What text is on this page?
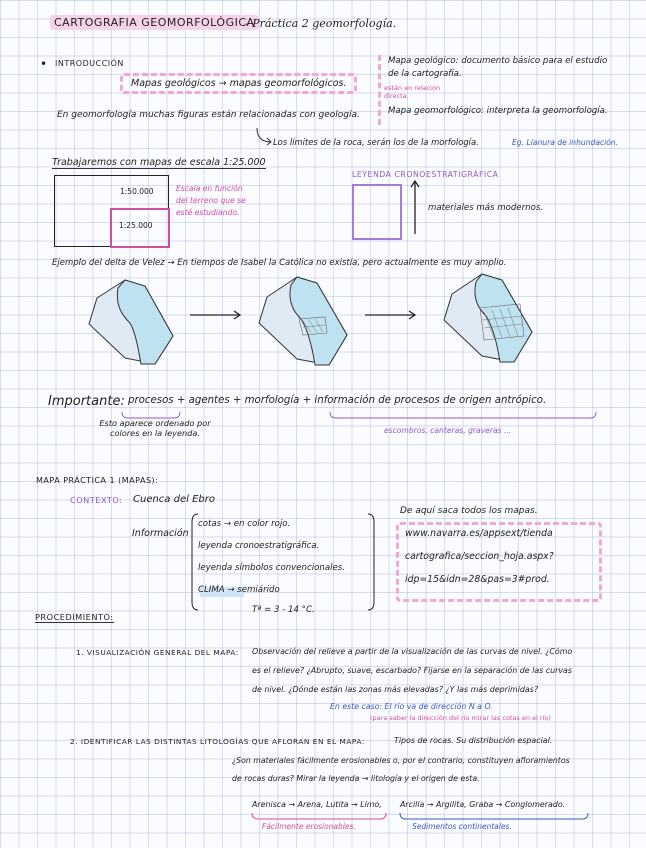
CARTOGRAFIA GEOMORFOLÓGICA
- Práctica 2 geomorfología.
• INTRODUCCIÓN
Mapas geológicos → mapas geomorfológicos.
En geomorfología muchas figuras están relacionadas con geología.
Mapa geológico: documento básico para el estudio de la cartografía.
están en relación directa.
Mapa geomorfológico: interpreta la geomorfología.
Los límites de la roca, serán los de la morfología.	Eg. Llanura de inhundación.
Trabajaremos con mapas de escala 1:25.000
1:50.000
1:25.000
Escala en función del terreno que se esté estudiando.
LEYENDA CRONOESTRATIGRÁFICA
materiales más modernos.
Ejemplo del delta de Velez → En tiempos de Isabel la Católica no existía, pero actualmente es muy amplio.
Importante: procesos + agentes + morfología + información de procesos de origen antrópico.
Esto aparece ordenado por colores en la leyenda.	escombros, canteras, graveras ...
MAPA PRÁCTICA 1 (MAPAS):
CONTEXTO: Cuenca del Ebro
Información
cotas → en color rojo.
leyenda cronoestratigráfica.
leyenda símbolos convencionales.
CLIMA → semiárido
Tª = 3 - 14 °C.
De aquí saca todos los mapas.
www.navarra.es/appsext/tienda
cartografica/seccion_hoja.aspx?
idp=15&idn=28&pas=3#prod.
PROCEDIMIENTO:
1. VISUALIZACIÓN GENERAL DEL MAPA: Observación del relieve a partir de la visualización de las curvas de nivel. ¿Cómo
es el relieve? ¿Abrupto, suave, escarbado? Fijarse en la separación de las curvas
de nivel. ¿Dónde están las zonas más elevadas? ¿Y las más deprimidas?
En este caso: El río va de dirección N a O.
(para saber la dirección del río mirar las cotas en el río)
2. IDENTIFICAR LAS DISTINTAS LITOLOGÍAS QUE AFLORAN EN EL MAPA:	Tipos de rocas. Su distribución espacial.
¿Son materiales fácilmente erosionables o, por el contrario, constituyen afloramientos
de rocas duras? Mirar la leyenda → litología y el origen de esta.
Arenisca → Arena, Lutita → Limo, Arcilla → Argilita, Graba → Conglomerado.
Fácilmente erosionables.	Sedimentos continentales.
